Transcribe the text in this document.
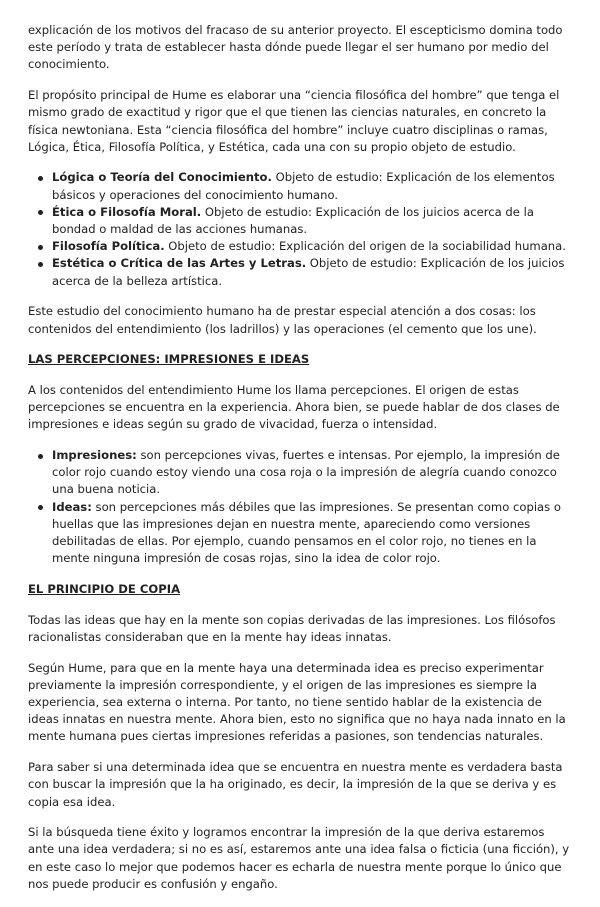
explicación de los motivos del fracaso de su anterior proyecto. El escepticismo domina todo este período y trata de establecer hasta dónde puede llegar el ser humano por medio del conocimiento.

El propósito principal de Hume es elaborar una “ciencia filosófica del hombre” que tenga el mismo grado de exactitud y rigor que el que tienen las ciencias naturales, en concreto la física newtoniana. Esta “ciencia filosófica del hombre” incluye cuatro disciplinas o ramas, Lógica, Ética, Filosofía Política, y Estética, cada una con su propio objeto de estudio.

Lógica o Teoría del Conocimiento. Objeto de estudio: Explicación de los elementos básicos y operaciones del conocimiento humano.
Ética o Filosofía Moral. Objeto de estudio: Explicación de los juicios acerca de la bondad o maldad de las acciones humanas.
Filosofía Política. Objeto de estudio: Explicación del origen de la sociabilidad humana.
Estética o Crítica de las Artes y Letras. Objeto de estudio: Explicación de los juicios acerca de la belleza artística.

Este estudio del conocimiento humano ha de prestar especial atención a dos cosas: los contenidos del entendimiento (los ladrillos) y las operaciones (el cemento que los une).

LAS PERCEPCIONES: IMPRESIONES E IDEAS

A los contenidos del entendimiento Hume los llama percepciones. El origen de estas percepciones se encuentra en la experiencia. Ahora bien, se puede hablar de dos clases de impresiones e ideas según su grado de vivacidad, fuerza o intensidad.

Impresiones: son percepciones vivas, fuertes e intensas. Por ejemplo, la impresión de color rojo cuando estoy viendo una cosa roja o la impresión de alegría cuando conozco una buena noticia.
Ideas: son percepciones más débiles que las impresiones. Se presentan como copias o huellas que las impresiones dejan en nuestra mente, apareciendo como versiones debilitadas de ellas. Por ejemplo, cuando pensamos en el color rojo, no tienes en la mente ninguna impresión de cosas rojas, sino la idea de color rojo.
EL PRINCIPIO DE COPIA

Todas las ideas que hay en la mente son copias derivadas de las impresiones. Los filósofos racionalistas consideraban que en la mente hay ideas innatas.

Según Hume, para que en la mente haya una determinada idea es preciso experimentar previamente la impresión correspondiente, y el origen de las impresiones es siempre la experiencia, sea externa o interna. Por tanto, no tiene sentido hablar de la existencia de ideas innatas en nuestra mente. Ahora bien, esto no significa que no haya nada innato en la mente humana pues ciertas impresiones referidas a pasiones, son tendencias naturales.

Para saber si una determinada idea que se encuentra en nuestra mente es verdadera basta con buscar la impresión que la ha originado, es decir, la impresión de la que se deriva y es copia esa idea.

Si la búsqueda tiene éxito y logramos encontrar la impresión de la que deriva estaremos ante una idea verdadera; si no es así, estaremos ante una idea falsa o ficticia (una ficción), y en este caso lo mejor que podemos hacer es echarla de nuestra mente porque lo único que nos puede producir es confusión y engaño.
